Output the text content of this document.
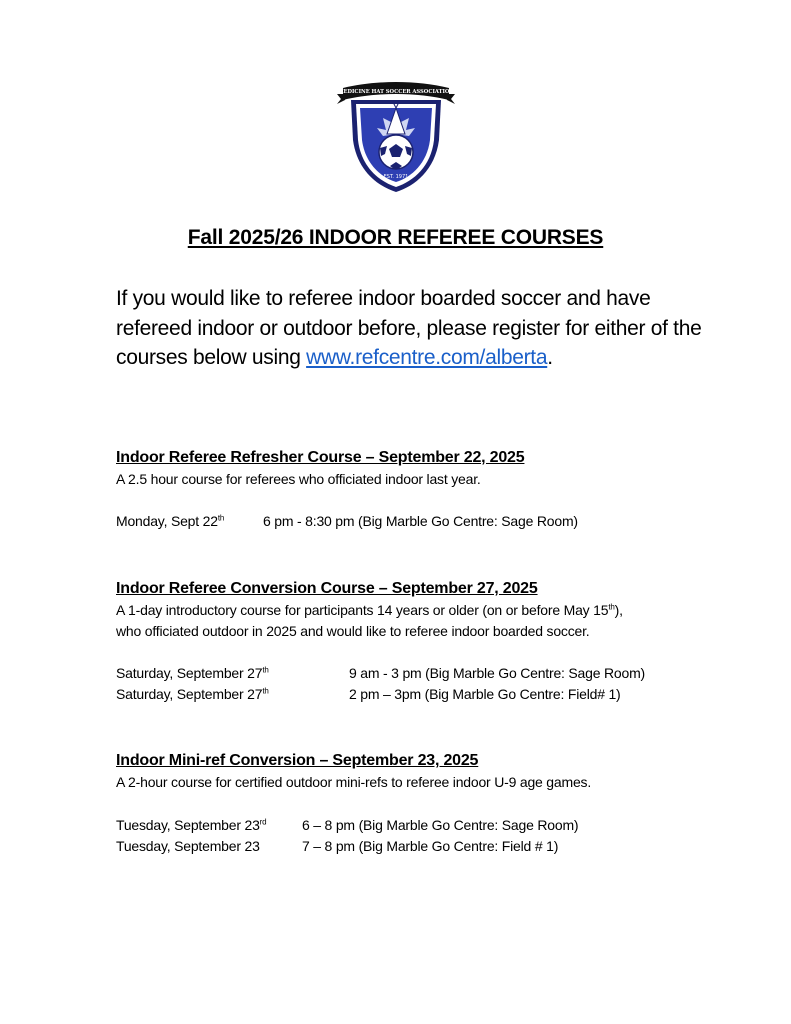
EST. 1971
MEDICINE HAT SOCCER ASSOCIATION
Fall 2025/26 INDOOR REFEREE COURSES
If you would like to referee indoor boarded soccer and have refereed indoor or outdoor before, please register for either of the courses below using www.refcentre.com/alberta.
Indoor Referee Refresher Course – September 22, 2025
A 2.5 hour course for referees who officiated indoor last year.
Monday, Sept 22th	6 pm - 8:30 pm (Big Marble Go Centre: Sage Room)
Indoor Referee Conversion Course – September 27, 2025
A 1-day introductory course for participants 14 years or older (on or before May 15th),
who officiated outdoor in 2025 and would like to referee indoor boarded soccer.
Saturday, September 27th	9 am - 3 pm (Big Marble Go Centre: Sage Room)
Saturday, September 27th	2 pm – 3pm (Big Marble Go Centre: Field# 1)
Indoor Mini-ref Conversion – September 23, 2025
A 2-hour course for certified outdoor mini-refs to referee indoor U-9 age games.
Tuesday, September 23rd	6 – 8 pm (Big Marble Go Centre: Sage Room)
Tuesday, September 23	7 – 8 pm (Big Marble Go Centre: Field # 1)
